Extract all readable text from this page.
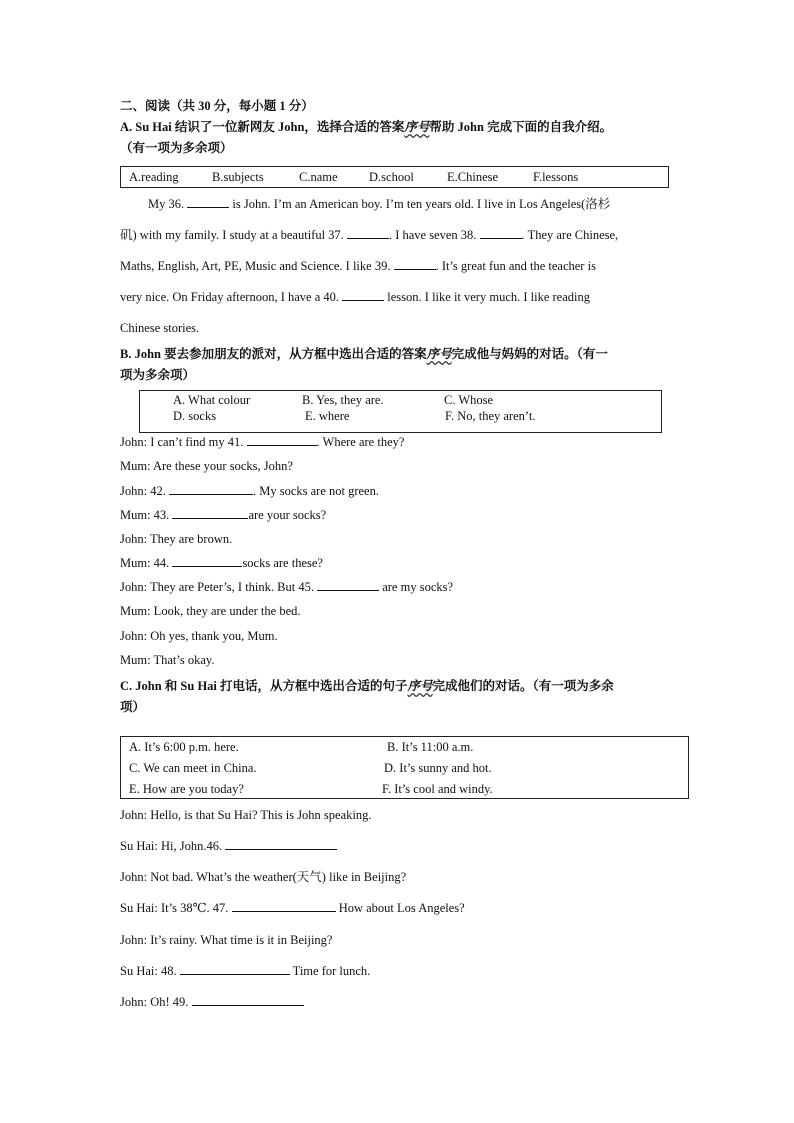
二、阅读（共 30 分，每小题 1 分）
A. Su Hai 结识了一位新网友 John，选择合适的答案序号帮助 John 完成下面的自我介绍。
（有一项为多余项）
A.reading	B.subjects	C.name	D.school	E.Chinese	F.lessons
My 36.	is John. I’m an American boy. I’m ten years old. I live in Los Angeles(洛杉
矶) with my family. I study at a beautiful 37.	. I have seven 38.	. They are Chinese,
Maths, English, Art, PE, Music and Science. I like 39.	. It’s great fun and the teacher is
very nice. On Friday afternoon, I have a 40.	lesson. I like it very much. I like reading
Chinese stories.
B. John 要去参加朋友的派对，从方框中选出合适的答案序号完成他与妈妈的对话。（有一
项为多余项）
A. What colour	B. Yes, they are.	C. Whose
D. socks	E. where	F. No, they aren’t.
John: I can’t find my 41.	. Where are they?
Mum: Are these your socks, John?
John: 42.	. My socks are not green.
Mum: 43.	are your socks?
John: They are brown.
Mum: 44.	socks are these?
John: They are Peter’s, I think. But 45.	are my socks?
Mum: Look, they are under the bed.
John: Oh yes, thank you, Mum.
Mum: That’s okay.
C. John 和 Su Hai 打电话，从方框中选出合适的句子序号完成他们的对话。（有一项为多余
项）
A. It’s 6:00 p.m. here.	B. It’s 11:00 a.m.
C. We can meet in China.	D. It’s sunny and hot.
E. How are you today?	F. It’s cool and windy.
John: Hello, is that Su Hai? This is John speaking.
Su Hai: Hi, John.46.
John: Not bad. What’s the weather(天气) like in Beijing?
Su Hai: It’s 38℃. 47.	How about Los Angeles?
John: It’s rainy. What time is it in Beijing?
Su Hai: 48.	Time for lunch.
John: Oh! 49.
